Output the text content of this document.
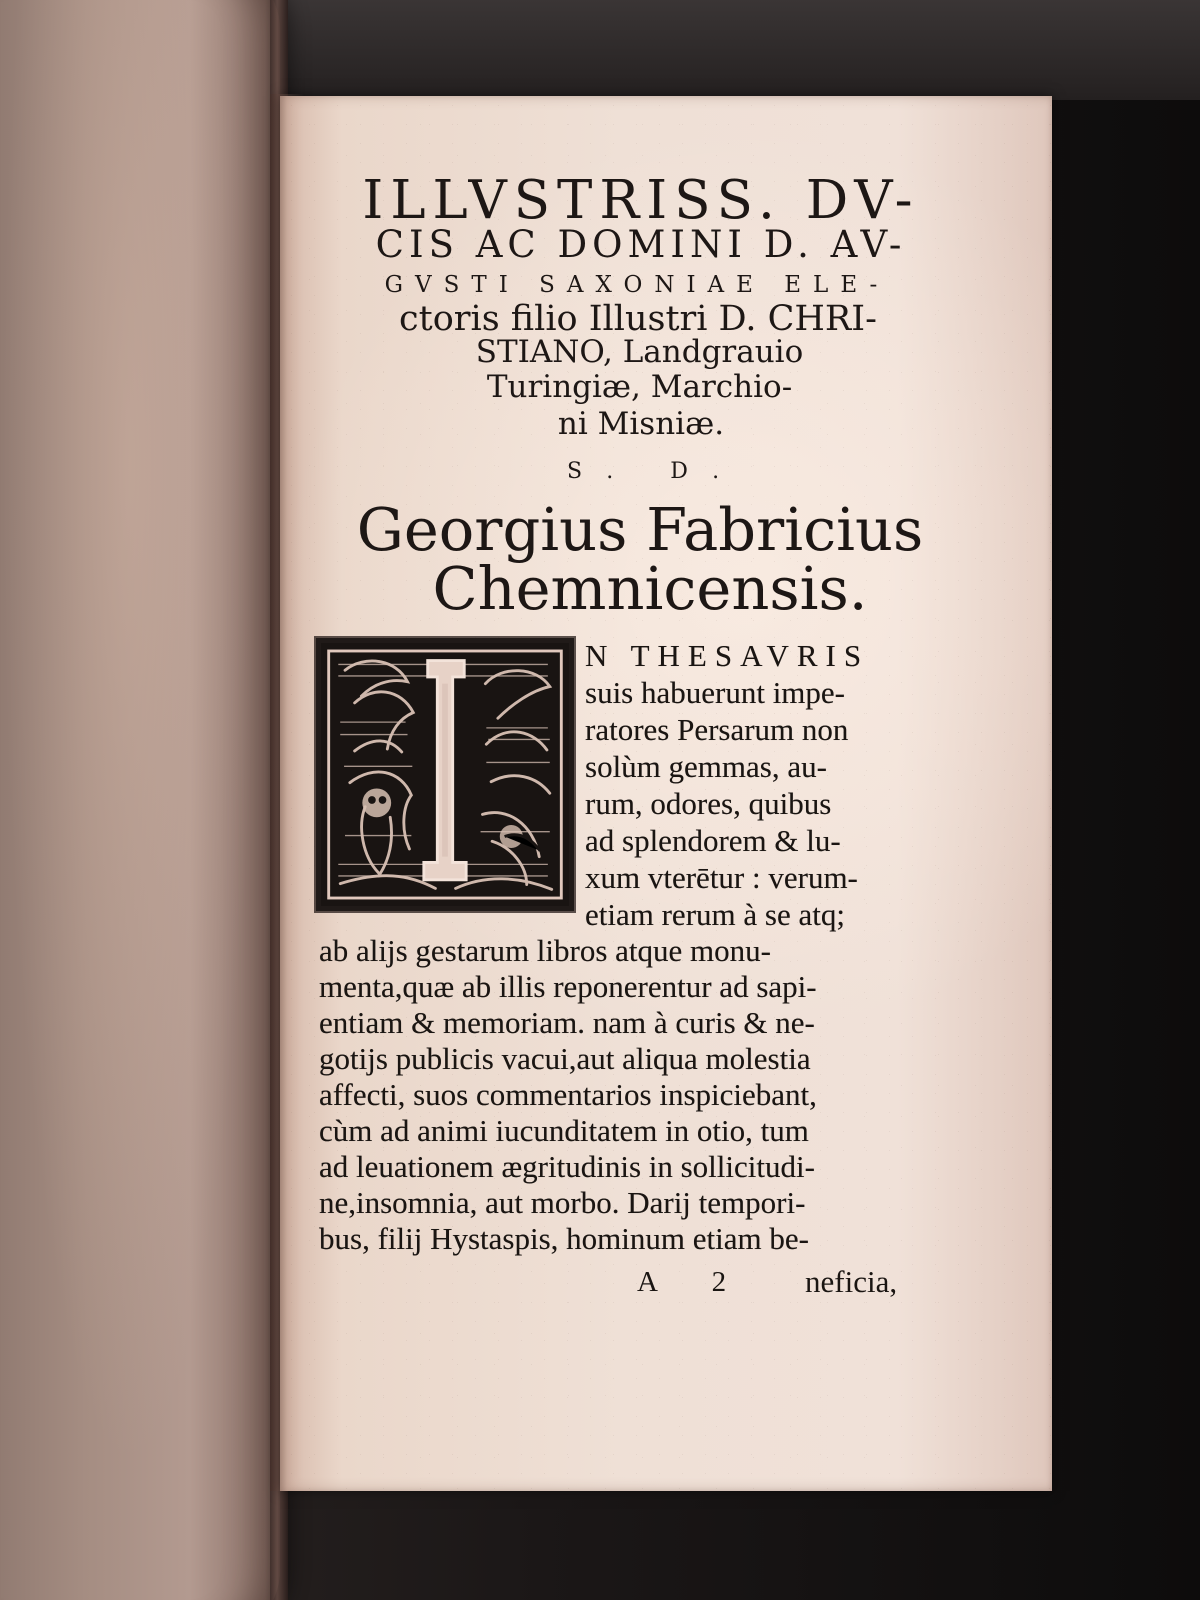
ILLVSTRISS. DV-
CIS AC DOMINI D. AV-
GVSTI SAXONIAE ELE-
ctoris filio Illustri D. CHRI-
STIANO, Landgrauio
Turingiæ, Marchio-
ni Misniæ.
S. D.
Georgius Fabricius
Chemnicensis.
N THESAVRIS
suis habuerunt impe-
ratores Persarum non
solùm gemmas, au-
rum, odores, quibus
ad splendorem & lu-
xum vterētur : verum-
etiam rerum à se atq;
ab alijs gestarum libros atque monu-
menta,quæ ab illis reponerentur ad sapi-
entiam & memoriam. nam à curis & ne-
gotijs publicis vacui,aut aliqua molestia
affecti, suos commentarios inspiciebant,
cùm ad animi iucunditatem in otio, tum
ad leuationem ægritudinis in sollicitudi-
ne,insomnia, aut morbo. Darij tempori-
bus, filij Hystaspis, hominum etiam be-
A 2 neficia,
